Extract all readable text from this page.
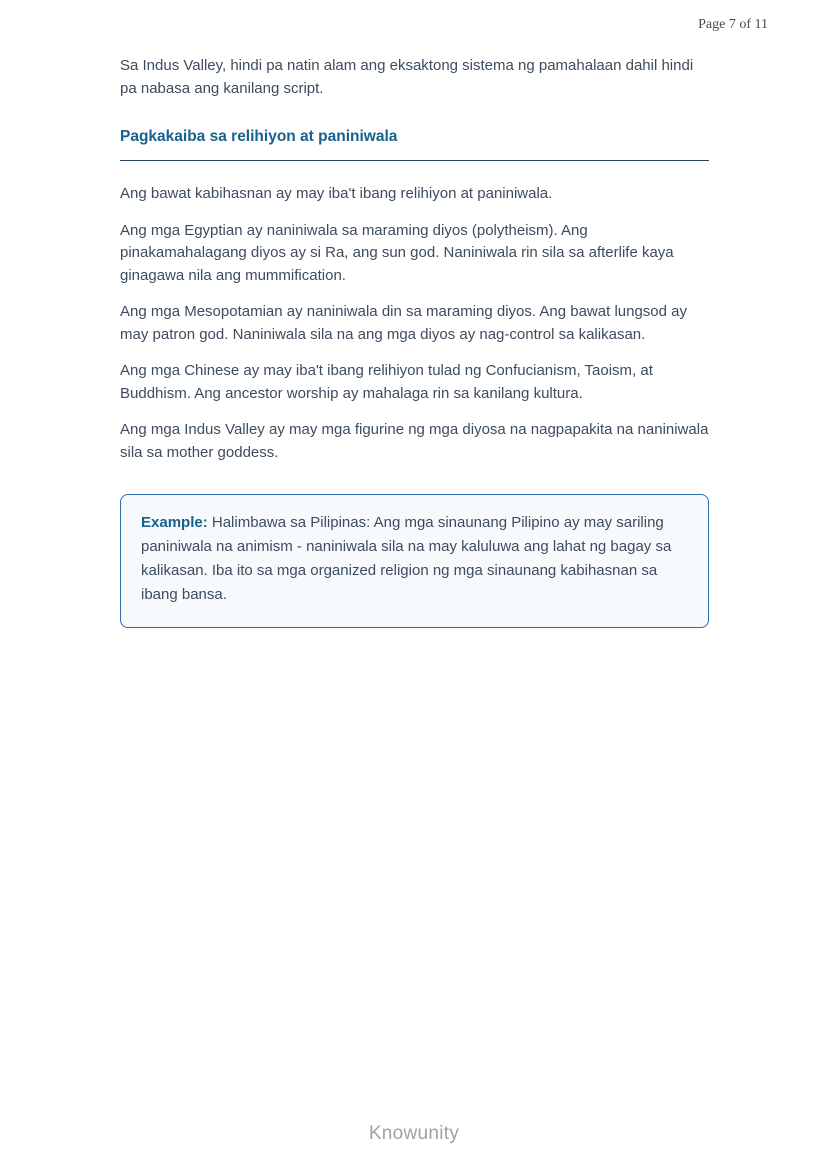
Page 7 of 11

Sa Indus Valley, hindi pa natin alam ang eksaktong sistema ng pamahalaan dahil hindi pa nabasa ang kanilang script.

Pagkakaiba sa relihiyon at paniniwala

Ang bawat kabihasnan ay may iba't ibang relihiyon at paniniwala.

Ang mga Egyptian ay naniniwala sa maraming diyos (polytheism). Ang pinakamahalagang diyos ay si Ra, ang sun god. Naniniwala rin sila sa afterlife kaya ginagawa nila ang mummification.

Ang mga Mesopotamian ay naniniwala din sa maraming diyos. Ang bawat lungsod ay may patron god. Naniniwala sila na ang mga diyos ay nag-control sa kalikasan.

Ang mga Chinese ay may iba't ibang relihiyon tulad ng Confucianism, Taoism, at Buddhism. Ang ancestor worship ay mahalaga rin sa kanilang kultura.

Ang mga Indus Valley ay may mga figurine ng mga diyosa na nagpapakita na naniniwala sila sa mother goddess.

Example: Halimbawa sa Pilipinas: Ang mga sinaunang Pilipino ay may sariling paniniwala na animism - naniniwala sila na may kaluluwa ang lahat ng bagay sa kalikasan. Iba ito sa mga organized religion ng mga sinaunang kabihasnan sa ibang bansa.

Knowunity
